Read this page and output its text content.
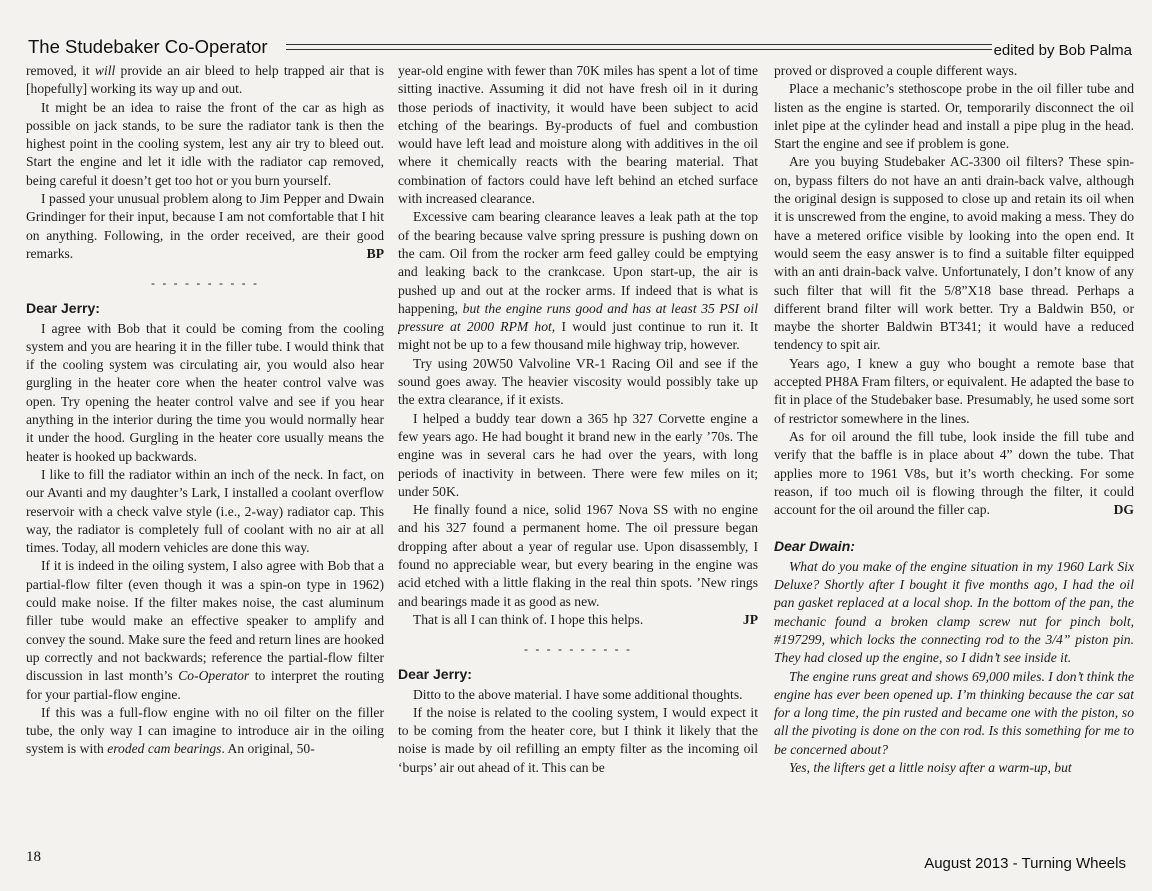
The Studebaker Co-Operator	edited by Bob Palma

removed, it will provide an air bleed to help trapped air that is [hopefully] working its way up and out.

It might be an idea to raise the front of the car as high as possible on jack stands, to be sure the radiator tank is then the highest point in the cooling system, lest any air try to bleed out. Start the engine and let it idle with the radiator cap removed, being careful it doesn’t get too hot or you burn yourself.

I passed your unusual problem along to Jim Pepper and Dwain Grindinger for their input, because I am not comfortable that I hit on anything. Following, in the order received, are their good remarks.	BP

- - - - - - - - - -

Dear Jerry:

I agree with Bob that it could be coming from the cooling system and you are hearing it in the filler tube. I would think that if the cooling system was circulating air, you would also hear gurgling in the heater core when the heater control valve was open. Try opening the heater control valve and see if you hear anything in the interior during the time you would normally hear it under the hood. Gurgling in the heater core usually means the heater is hooked up backwards.

I like to fill the radiator within an inch of the neck. In fact, on our Avanti and my daughter’s Lark, I installed a coolant overflow reservoir with a check valve style (i.e., 2-way) radiator cap. This way, the radiator is completely full of coolant with no air at all times. Today, all modern vehicles are done this way.

If it is indeed in the oiling system, I also agree with Bob that a partial-flow filter (even though it was a spin-on type in 1962) could make noise. If the filter makes noise, the cast aluminum filler tube would make an effective speaker to amplify and convey the sound. Make sure the feed and return lines are hooked up correctly and not backwards; reference the partial-flow filter discussion in last month’s Co-Operator to interpret the routing for your partial-flow engine.

If this was a full-flow engine with no oil filter on the filler tube, the only way I can imagine to introduce air in the oiling system is with eroded cam bearings. An original, 50-

year-old engine with fewer than 70K miles has spent a lot of time sitting inactive. Assuming it did not have fresh oil in it during those periods of inactivity, it would have been subject to acid etching of the bearings. By-products of fuel and combustion would have left lead and moisture along with additives in the oil where it chemically reacts with the bearing material. That combination of factors could have left behind an etched surface with increased clearance.

Excessive cam bearing clearance leaves a leak path at the top of the bearing because valve spring pressure is pushing down on the cam. Oil from the rocker arm feed galley could be emptying and leaking back to the crankcase. Upon start-up, the air is pushed up and out at the rocker arms. If indeed that is what is happening, but the engine runs good and has at least 35 PSI oil pressure at 2000 RPM hot, I would just continue to run it. It might not be up to a few thousand mile highway trip, however.

Try using 20W50 Valvoline VR-1 Racing Oil and see if the sound goes away. The heavier viscosity would possibly take up the extra clearance, if it exists.

I helped a buddy tear down a 365 hp 327 Corvette engine a few years ago. He had bought it brand new in the early ’70s. The engine was in several cars he had over the years, with long periods of inactivity in between. There were few miles on it; under 50K.

He finally found a nice, solid 1967 Nova SS with no engine and his 327 found a permanent home. The oil pressure began dropping after about a year of regular use. Upon disassembly, I found no appreciable wear, but every bearing in the engine was acid etched with a little flaking in the real thin spots. ’New rings and bearings made it as good as new.

That is all I can think of. I hope this helps.	JP

- - - - - - - - - -

Dear Jerry:

Ditto to the above material. I have some additional thoughts.

If the noise is related to the cooling system, I would expect it to be coming from the heater core, but I think it likely that the noise is made by oil refilling an empty filter as the incoming oil ‘burps’ air out ahead of it. This can be

proved or disproved a couple different ways.

Place a mechanic’s stethoscope probe in the oil filler tube and listen as the engine is started. Or, temporarily disconnect the oil inlet pipe at the cylinder head and install a pipe plug in the head. Start the engine and see if problem is gone.

Are you buying Studebaker AC-3300 oil filters? These spin-on, bypass filters do not have an anti drain-back valve, although the original design is supposed to close up and retain its oil when it is unscrewed from the engine, to avoid making a mess. They do have a metered orifice visible by looking into the open end. It would seem the easy answer is to find a suitable filter equipped with an anti drain-back valve. Unfortunately, I don’t know of any such filter that will fit the 5/8”X18 base thread. Perhaps a different brand filter will work better. Try a Baldwin B50, or maybe the shorter Baldwin BT341; it would have a reduced tendency to spit air.

Years ago, I knew a guy who bought a remote base that accepted PH8A Fram filters, or equivalent. He adapted the base to fit in place of the Studebaker base. Presumably, he used some sort of restrictor somewhere in the lines.

As for oil around the fill tube, look inside the fill tube and verify that the baffle is in place about 4” down the tube. That applies more to 1961 V8s, but it’s worth checking. For some reason, if too much oil is flowing through the filter, it could account for the oil around the filler cap.	DG

Dear Dwain:

What do you make of the engine situation in my 1960 Lark Six Deluxe? Shortly after I bought it five months ago, I had the oil pan gasket replaced at a local shop. In the bottom of the pan, the mechanic found a broken clamp screw nut for pinch bolt, #197299, which locks the connecting rod to the 3/4” piston pin. They had closed up the engine, so I didn’t see inside it.

The engine runs great and shows 69,000 miles. I don’t think the engine has ever been opened up. I’m thinking because the car sat for a long time, the pin rusted and became one with the piston, so all the pivoting is done on the con rod. Is this something for me to be concerned about?

Yes, the lifters get a little noisy after a warm-up, but

18	August 2013 - Turning Wheels
